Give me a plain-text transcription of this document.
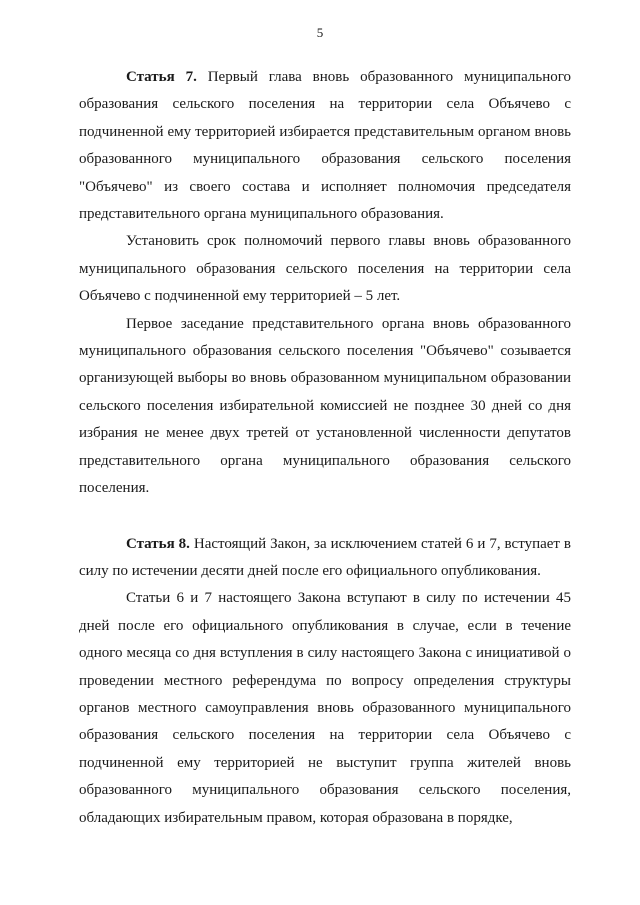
5

Статья 7. Первый глава вновь образованного муниципального образования сельского поселения на территории села Объячево с подчиненной ему территорией избирается представительным органом вновь образованного муниципального образования сельского поселения "Объячево" из своего состава и исполняет полномочия председателя представительного органа муниципального образования.

Установить срок полномочий первого главы вновь образованного муниципального образования сельского поселения на территории села Объячево с подчиненной ему территорией – 5 лет.

Первое заседание представительного органа вновь образованного муниципального образования сельского поселения "Объячево" созывается организующей выборы во вновь образованном муниципальном образовании сельского поселения избирательной комиссией не позднее 30 дней со дня избрания не менее двух третей от установленной численности депутатов представительного органа муниципального образования сельского поселения.

Статья 8. Настоящий Закон, за исключением статей 6 и 7, вступает в силу по истечении десяти дней после его официального опубликования.

Статьи 6 и 7 настоящего Закона вступают в силу по истечении 45 дней после его официального опубликования в случае, если в течение одного месяца со дня вступления в силу настоящего Закона с инициативой о проведении местного референдума по вопросу определения структуры органов местного самоуправления вновь образованного муниципального образования сельского поселения на территории села Объячево с подчиненной ему территорией не выступит группа жителей вновь образованного муниципального образования сельского поселения, обладающих избирательным правом, которая образована в порядке,
